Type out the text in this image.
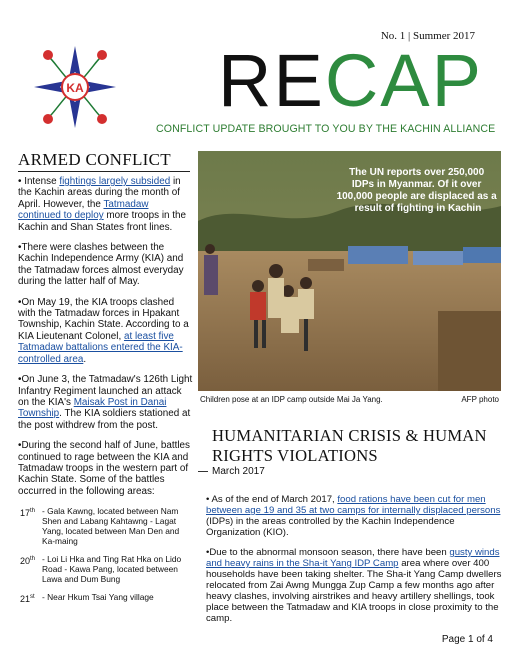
No. 1 | Summer 2017
KA RECAP
CONFLICT UPDATE BROUGHT TO YOU BY THE KACHIN ALLIANCE
ARMED CONFLICT

• Intense fightings largely subsided in the Kachin areas during the month of April. However, the Tatmadaw continued to deploy more troops in the Kachin and Shan States front lines.

•There were clashes between the Kachin Independence Army (KIA) and the Tatmadaw forces almost everyday during the latter half of May.

•On May 19, the KIA troops clashed with the Tatmadaw forces in Hpakant Township, Kachin State. According to a KIA Lieutenant Colonel, at least five Tatmadaw battalions entered the KIA-controlled area.

•On June 3, the Tatmadaw's 126th Light Infantry Regiment launched an attack on the KIA's Maisak Post in Danai Township. The KIA soldiers stationed at the post withdrew from the post.

•During the second half of June, battles continued to rage between the KIA and Tatmadaw troops in the western part of Kachin State. Some of the battles occurred in the following areas:

17th - Gala Kawng, located between Nam Shen and Labang Kahtawng - Lagat Yang, located between Man Den and Ka-maing
20th - Loi Li Hka and Ting Rat Hka on Lido Road - Kawa Pang, located between Lawa and Dum Bung
21st - Near Hkum Tsai Yang village
The UN reports over 250,000 IDPs in Myanmar. Of it over 100,000 people are displaced as a result of fighting in Kachin
Children pose at an IDP camp outside Mai Ja Yang.	AFP photo
HUMANITARIAN CRISIS & HUMAN RIGHTS VIOLATIONS
March 2017

• As of the end of March 2017, food rations have been cut for men between age 19 and 35 at two camps for internally displaced persons (IDPs) in the areas controlled by the Kachin Independence Organization (KIO).

•Due to the abnormal monsoon season, there have been gusty winds and heavy rains in the Sha-it Yang IDP Camp area where over 400 households have been taking shelter. The Sha-it Yang Camp dwellers relocated from Zai Awng Mungga Zup Camp a few months ago after heavy clashes, involving airstrikes and heavy artillery shellings, took place between the Tatmadaw and KIA troops in close proximity to the camp.

Page 1 of 4
